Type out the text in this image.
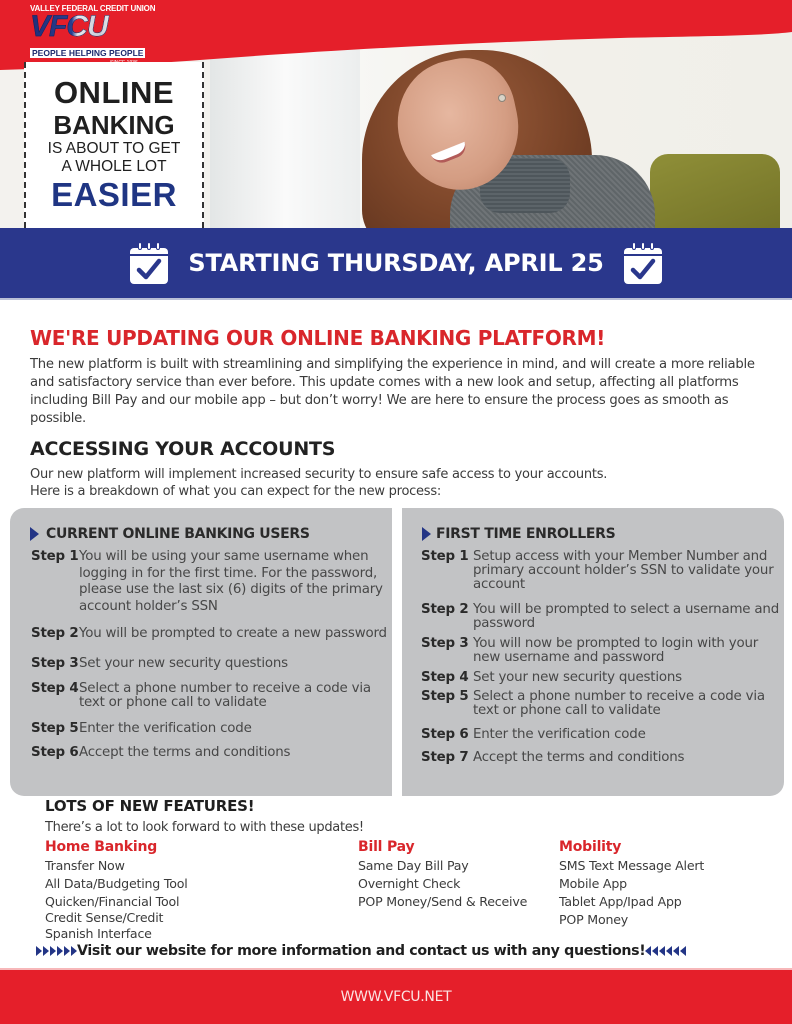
VALLEY FEDERAL CREDIT UNION
VFCU
PEOPLE HELPING PEOPLE
ONLINE
BANKING
IS ABOUT TO GET
A WHOLE LOT
EASIER
STARTING THURSDAY, APRIL 25
WE'RE UPDATING OUR ONLINE BANKING PLATFORM!
The new platform is built with streamlining and simplifying the experience in mind, and will create a more reliable and satisfactory service than ever before. This update comes with a new look and setup, affecting all platforms including Bill Pay and our mobile app – but don’t worry! We are here to ensure the process goes as smooth as possible.
ACCESSING YOUR ACCOUNTS
Our new platform will implement increased security to ensure safe access to your accounts.
Here is a breakdown of what you can expect for the new process:
CURRENT ONLINE BANKING USERS
Step 1 You will be using your same username when logging in for the first time. For the password, please use the last six (6) digits of the primary account holder’s SSN
Step 2 You will be prompted to create a new password
Step 3 Set your new security questions
Step 4 Select a phone number to receive a code via text or phone call to validate
Step 5 Enter the verification code
Step 6 Accept the terms and conditions
FIRST TIME ENROLLERS
Step 1 Setup access with your Member Number and primary account holder’s SSN to validate your account
Step 2 You will be prompted to select a username and password
Step 3 You will now be prompted to login with your new username and password
Step 4 Set your new security questions
Step 5 Select a phone number to receive a code via text or phone call to validate
Step 6 Enter the verification code
Step 7 Accept the terms and conditions
LOTS OF NEW FEATURES!
There’s a lot to look forward to with these updates!
Home Banking
Transfer Now
All Data/Budgeting Tool
Quicken/Financial Tool
Credit Sense/Credit
Spanish Interface
Bill Pay
Same Day Bill Pay
Overnight Check
POP Money/Send & Receive
Mobility
SMS Text Message Alert
Mobile App
Tablet App/Ipad App
POP Money
Visit our website for more information and contact us with any questions!
WWW.VFCU.NET
